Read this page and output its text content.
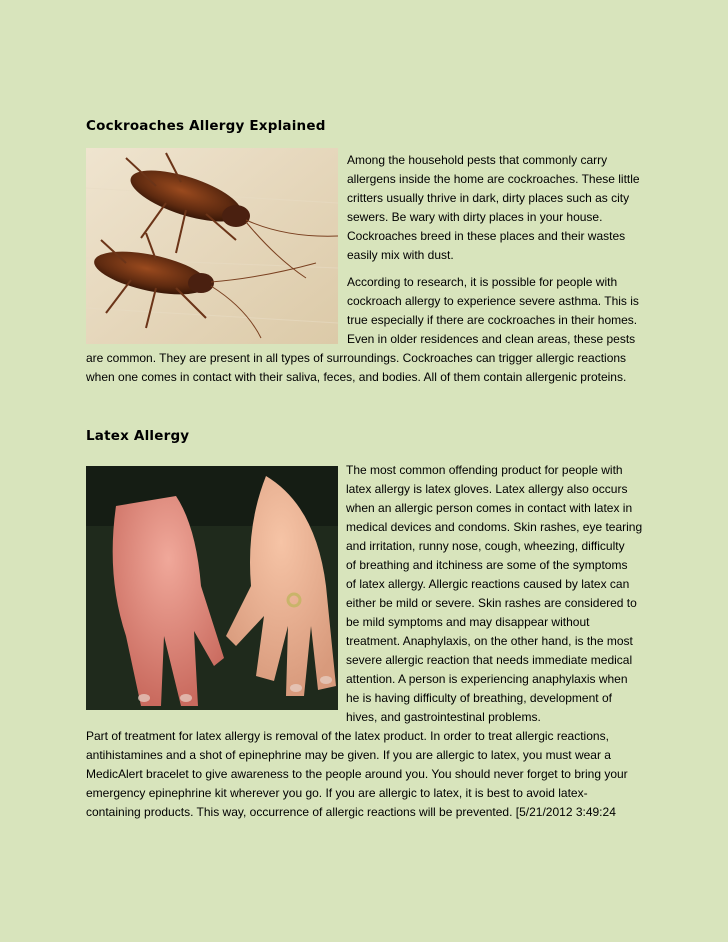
Cockroaches Allergy Explained
Among the household pests that commonly carry
allergens inside the home are cockroaches. These little
critters usually thrive in dark, dirty places such as city
sewers. Be wary with dirty places in your house.
Cockroaches breed in these places and their wastes
easily mix with dust.
According to research, it is possible for people with
cockroach allergy to experience severe asthma. This is
true especially if there are cockroaches in their homes.
Even in older residences and clean areas, these pests
are common. They are present in all types of surroundings. Cockroaches can trigger allergic reactions
when one comes in contact with their saliva, feces, and bodies. All of them contain allergenic proteins.
Latex Allergy
The most common offending product for people with
latex allergy is latex gloves. Latex allergy also occurs
when an allergic person comes in contact with latex in
medical devices and condoms. Skin rashes, eye tearing
and irritation, runny nose, cough, wheezing, difficulty
of breathing and itchiness are some of the symptoms
of latex allergy. Allergic reactions caused by latex can
either be mild or severe. Skin rashes are considered to
be mild symptoms and may disappear without
treatment. Anaphylaxis, on the other hand, is the most
severe allergic reaction that needs immediate medical
attention. A person is experiencing anaphylaxis when
he is having difficulty of breathing, development of
hives, and gastrointestinal problems.
Part of treatment for latex allergy is removal of the latex product. In order to treat allergic reactions,
antihistamines and a shot of epinephrine may be given. If you are allergic to latex, you must wear a
MedicAlert bracelet to give awareness to the people around you. You should never forget to bring your
emergency epinephrine kit wherever you go. If you are allergic to latex, it is best to avoid latex-
containing products. This way, occurrence of allergic reactions will be prevented. [5/21/2012 3:49:24
